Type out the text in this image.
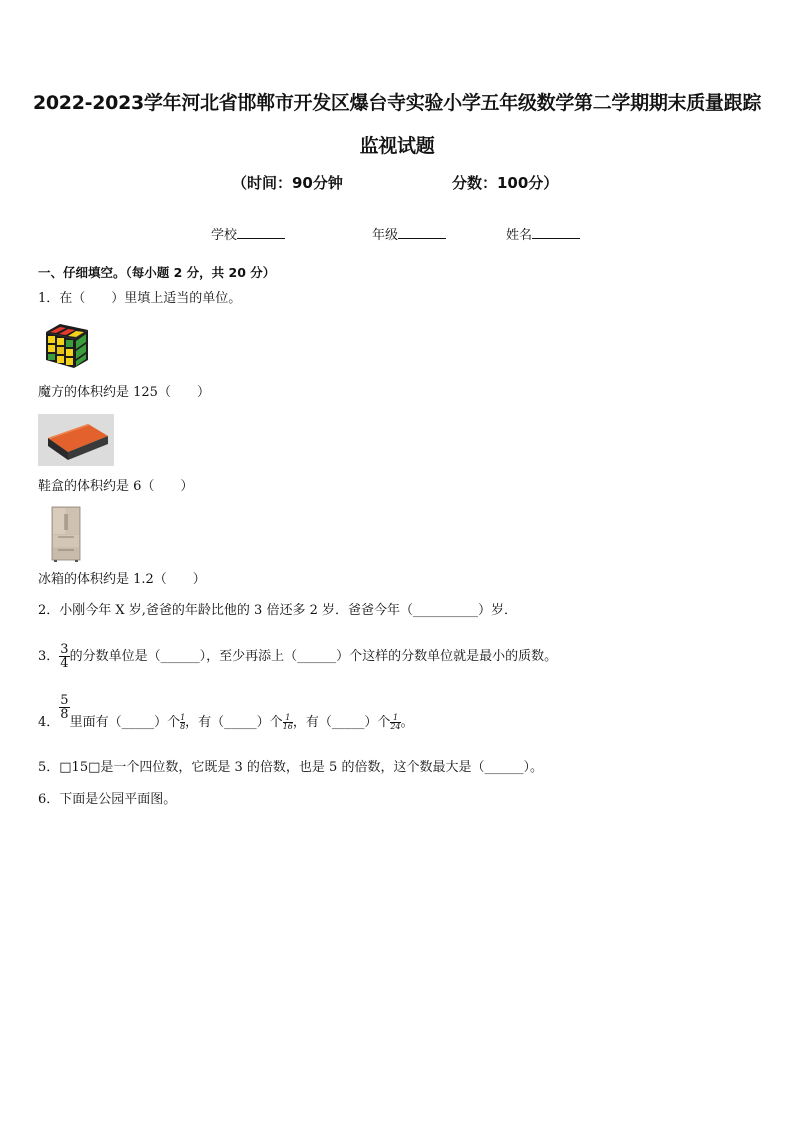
2022-2023学年河北省邯郸市开发区爆台寺实验小学五年级数学第二学期期末质量跟踪监视试题
（时间：90分钟	分数：100分）
学校	年级	姓名
一、仔细填空。（每小题 2 分，共 20 分）
1．在（　　）里填上适当的单位。
魔方的体积约是 125（　　）
鞋盒的体积约是 6（　　）
冰箱的体积约是 1.2（　　）
2．小刚今年 X 岁,爸爸的年龄比他的 3 倍还多 2 岁．爸爸今年（__________）岁．
3． $\frac{3}{4}$ 的分数单位是（______），至少再添上（______）个这样的分数单位就是最小的质数。
4．
$\frac{5}{8}$
里面有（_____）个 $\frac{1}{8}$ ，有（_____）个 $\frac{1}{16}$ ，有（_____）个 $\frac{1}{24}$ 。
5．□15□是一个四位数，它既是 3 的倍数，也是 5 的倍数，这个数最大是（______）。
6．下面是公园平面图。
